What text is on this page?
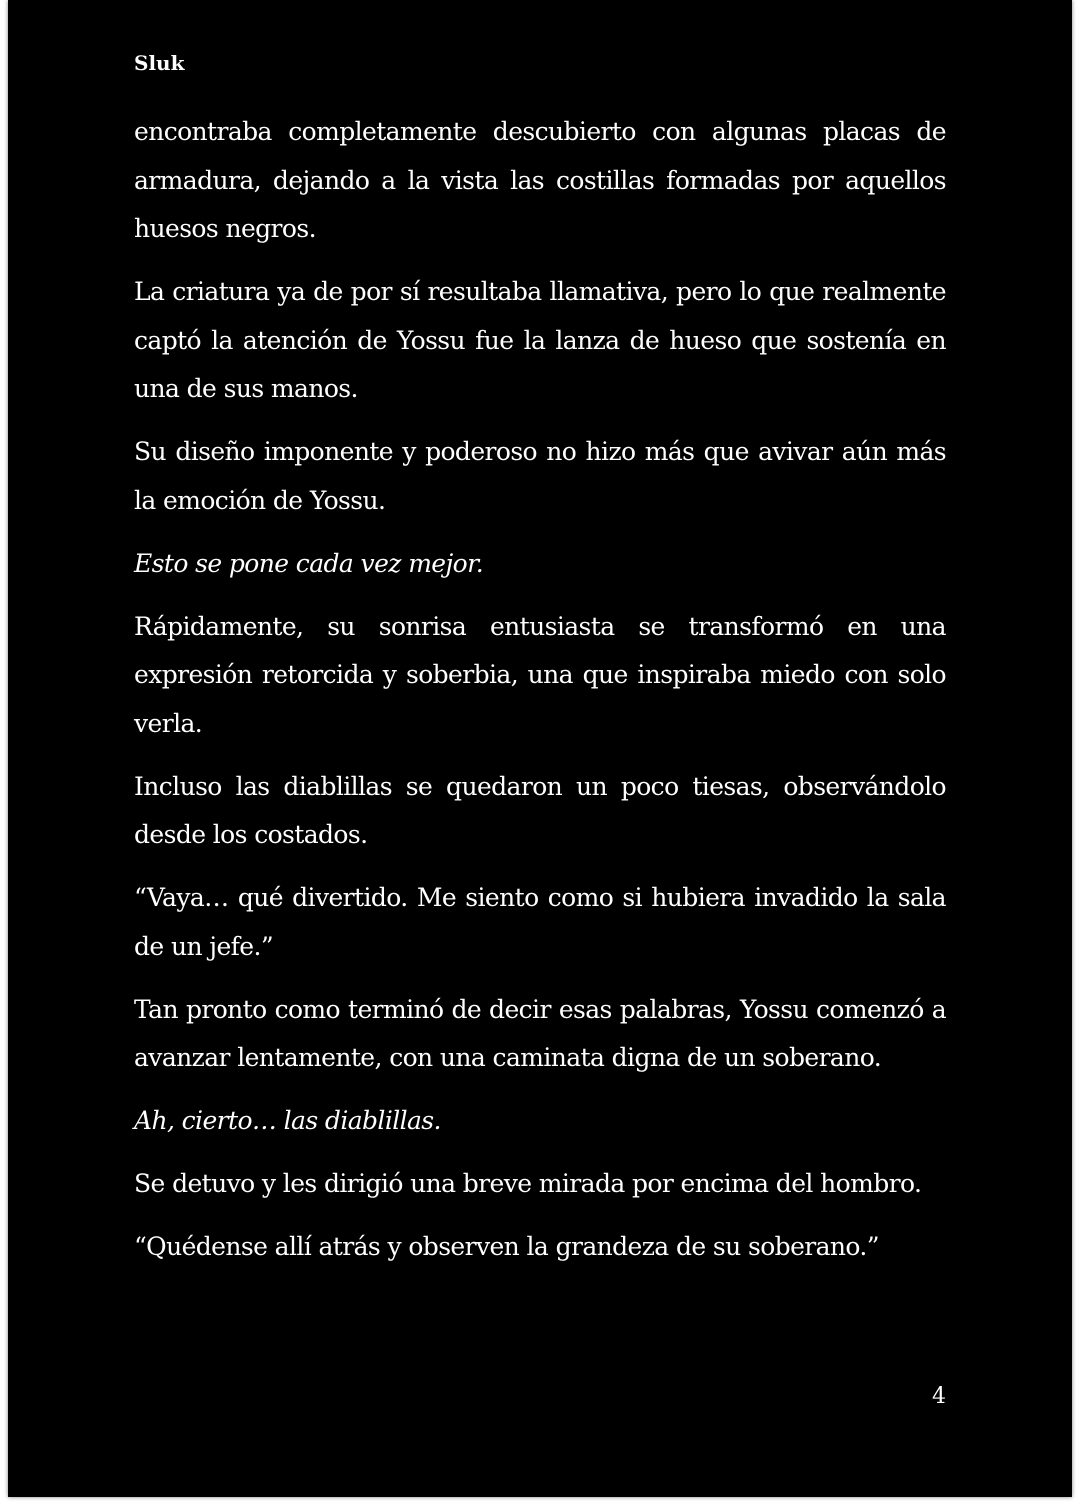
Sluk

encontraba completamente descubierto con algunas placas de armadura, dejando a la vista las costillas formadas por aquellos huesos negros.

La criatura ya de por sí resultaba llamativa, pero lo que realmente captó la atención de Yossu fue la lanza de hueso que sostenía en una de sus manos.

Su diseño imponente y poderoso no hizo más que avivar aún más la emoción de Yossu.

Esto se pone cada vez mejor.

Rápidamente, su sonrisa entusiasta se transformó en una expresión retorcida y soberbia, una que inspiraba miedo con solo verla.

Incluso las diablillas se quedaron un poco tiesas, observándolo desde los costados.

“Vaya… qué divertido. Me siento como si hubiera invadido la sala de un jefe.”

Tan pronto como terminó de decir esas palabras, Yossu comenzó a avanzar lentamente, con una caminata digna de un soberano.

Ah, cierto… las diablillas.

Se detuvo y les dirigió una breve mirada por encima del hombro.

“Quédense allí atrás y observen la grandeza de su soberano.”

4
